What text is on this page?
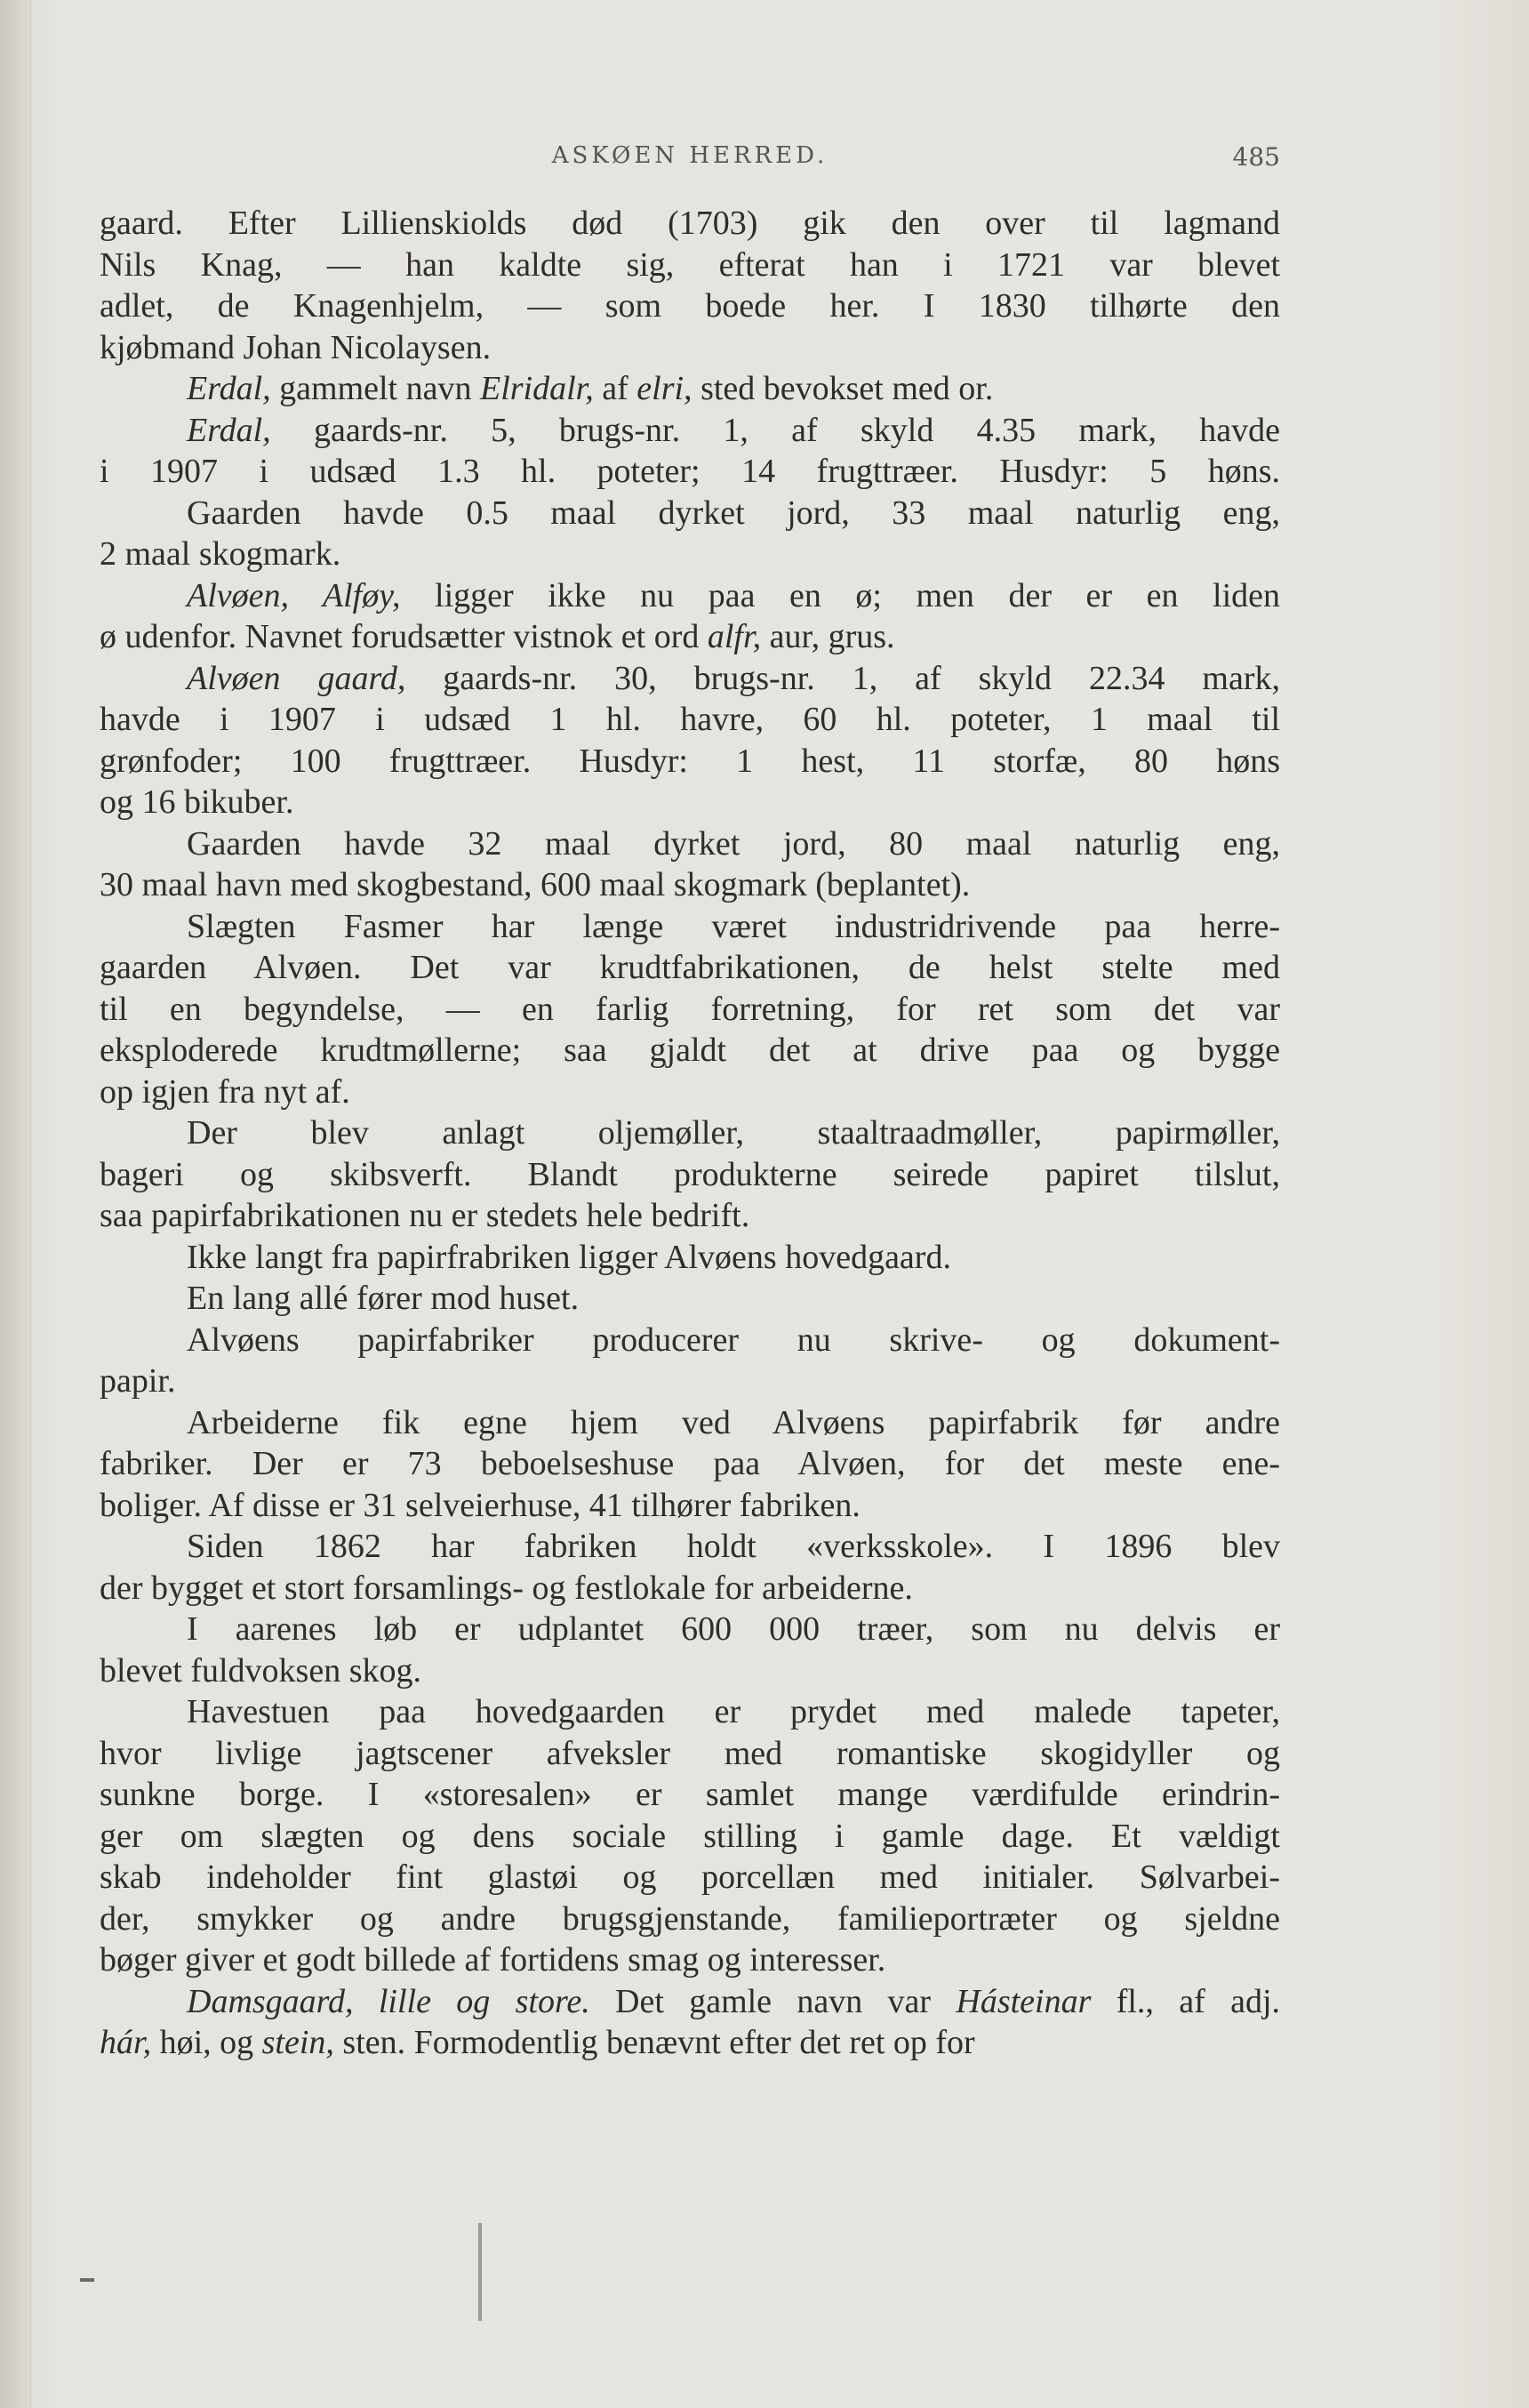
ASKØEN HERRED.	485
gaard. Efter Lillienskiolds død (1703) gik den over til lagmand
Nils Knag, — han kaldte sig, efterat han i 1721 var blevet
adlet, de Knagenhjelm, — som boede her. I 1830 tilhørte den
kjøbmand Johan Nicolaysen.
Erdal, gammelt navn Elridalr, af elri, sted bevokset med or.
Erdal, gaards-nr. 5, brugs-nr. 1, af skyld 4.35 mark, havde
i 1907 i udsæd 1.3 hl. poteter; 14 frugttræer. Husdyr: 5 høns.
Gaarden havde 0.5 maal dyrket jord, 33 maal naturlig eng,
2 maal skogmark.
Alvøen, Alføy, ligger ikke nu paa en ø; men der er en liden
ø udenfor. Navnet forudsætter vistnok et ord alfr, aur, grus.
Alvøen gaard, gaards-nr. 30, brugs-nr. 1, af skyld 22.34 mark,
havde i 1907 i udsæd 1 hl. havre, 60 hl. poteter, 1 maal til
grønfoder; 100 frugttræer. Husdyr: 1 hest, 11 storfæ, 80 høns
og 16 bikuber.
Gaarden havde 32 maal dyrket jord, 80 maal naturlig eng,
30 maal havn med skogbestand, 600 maal skogmark (beplantet).
Slægten Fasmer har længe været industridrivende paa herre-
gaarden Alvøen. Det var krudtfabrikationen, de helst stelte med
til en begyndelse, — en farlig forretning, for ret som det var
eksploderede krudtmøllerne; saa gjaldt det at drive paa og bygge
op igjen fra nyt af.
Der blev anlagt oljemøller, staaltraadmøller, papirmøller,
bageri og skibsverft. Blandt produkterne seirede papiret tilslut,
saa papirfabrikationen nu er stedets hele bedrift.
Ikke langt fra papirfrabriken ligger Alvøens hovedgaard.
En lang allé fører mod huset.
Alvøens papirfabriker producerer nu skrive- og dokument-
papir.
Arbeiderne fik egne hjem ved Alvøens papirfabrik før andre
fabriker. Der er 73 beboelseshuse paa Alvøen, for det meste ene-
boliger. Af disse er 31 selveierhuse, 41 tilhører fabriken.
Siden 1862 har fabriken holdt «verksskole». I 1896 blev
der bygget et stort forsamlings- og festlokale for arbeiderne.
I aarenes løb er udplantet 600 000 træer, som nu delvis er
blevet fuldvoksen skog.
Havestuen paa hovedgaarden er prydet med malede tapeter,
hvor livlige jagtscener afveksler med romantiske skogidyller og
sunkne borge. I «storesalen» er samlet mange værdifulde erindrin-
ger om slægten og dens sociale stilling i gamle dage. Et vældigt
skab indeholder fint glastøi og porcellæn med initialer. Sølvarbei-
der, smykker og andre brugsgjenstande, familieportræter og sjeldne
bøger giver et godt billede af fortidens smag og interesser.
Damsgaard, lille og store. Det gamle navn var Hásteinar fl., af adj.
hár, høi, og stein, sten. Formodentlig benævnt efter det ret op for
